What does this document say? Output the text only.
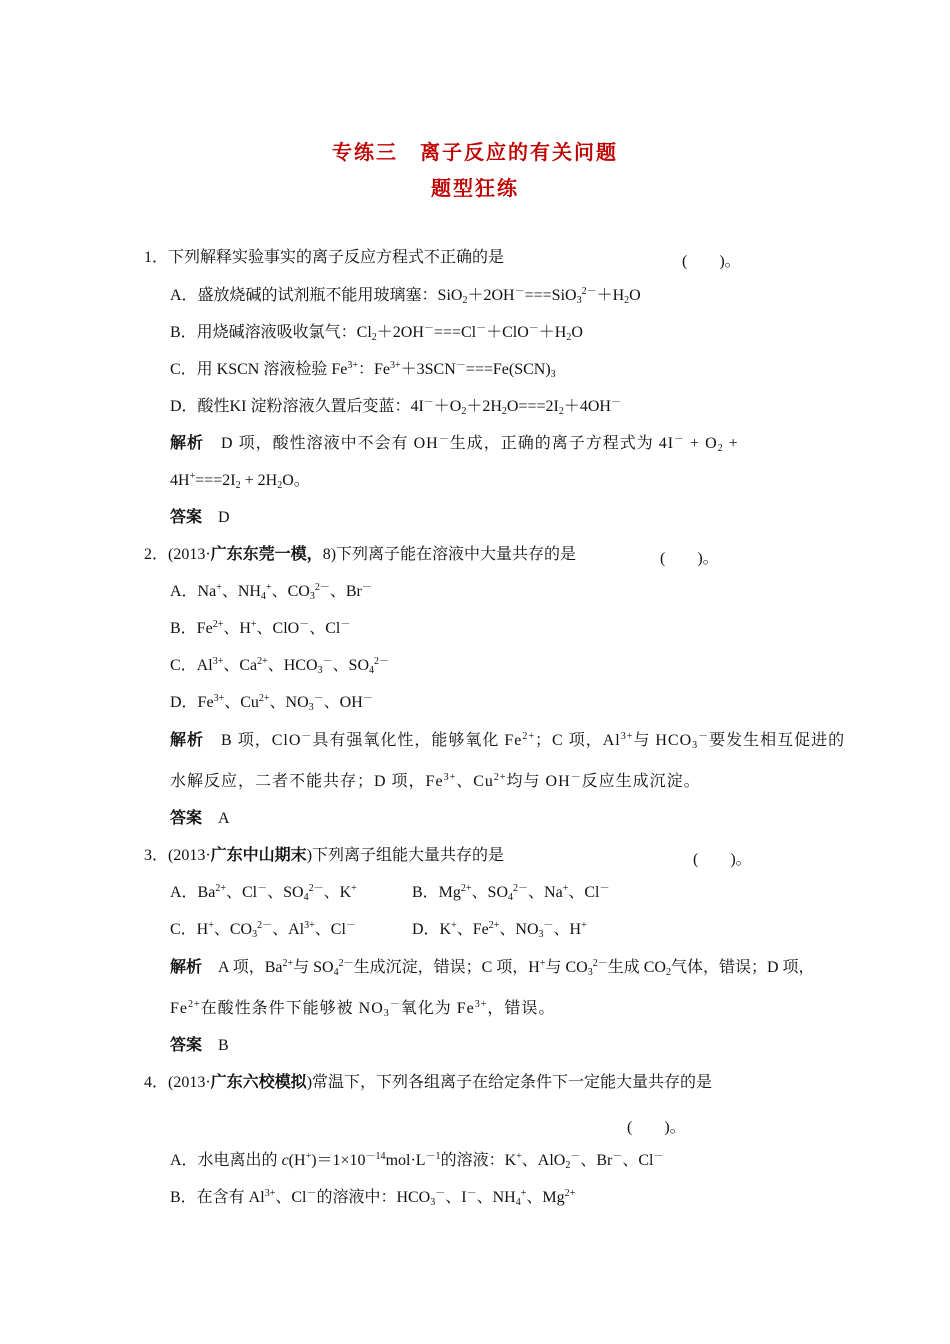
专练三　离子反应的有关问题
题型狂练
1．下列解释实验事实的离子反应方程式不正确的是	(　　)。
A．盛放烧碱的试剂瓶不能用玻璃塞：$SiO_2+2OH^-===SiO_3^{2-}+H_2O$
B．用烧碱溶液吸收氯气：$Cl_2+2OH^-===Cl^-+ClO^-+H_2O$
C．用 KSCN 溶液检验 $Fe^{3+}$：$Fe^{3+}+3SCN^-===Fe(SCN)_3$
D．酸性KI 淀粉溶液久置后变蓝：$4I^-+O_2+2H_2O===2I_2+4OH^-$
解析　 D 项，酸性溶液中不会有 OH－生成，正确的离子方程式为 $4I^- + O_2$ +
$4H^+===2I_2 + 2H_2O$。
答案　 D
2．(2013·广东东莞一模，8)下列离子能在溶液中大量共存的是	(　　)。
A．Na+、$NH_4^+$、$CO_3^{2-}$、Br－
B．$Fe^{2+}$、H+、ClO－、Cl－
C．$Al^{3+}$、$Ca^{2+}$、$HCO_3^-$、$SO_4^{2-}$
D．$Fe^{3+}$、$Cu^{2+}$、$NO_3^-$、OH－
解析　 B 项，ClO－具有强氧化性，能够氧化 $Fe^{2+}$；C 项，$Al^{3+}$与 $HCO_3^-$要发生相互促进的
水解反应，二者不能共存；D 项，$Fe^{3+}$、$Cu^{2+}$均与 OH－反应生成沉淀。
答案　 A
3．(2013·广东中山期末)下列离子组能大量共存的是	(　　)。
A．$Ba^{2+}$、Cl－、$SO_4^{2-}$、K+	B．$Mg^{2+}$、$SO_4^{2-}$、Na+、Cl－
C．H+、$CO_3^{2-}$、$Al^{3+}$、Cl－	D．K+、$Fe^{2+}$、$NO_3^-$、H+
解析　 A 项，$Ba^{2+}$与 $SO_4^{2-}$生成沉淀，错误；C 项，H+与 $CO_3^{2-}$生成 $CO_2$气体，错误；D 项，
$Fe^{2+}$在酸性条件下能够被 $NO_3^-$氧化为 $Fe^{3+}$，错误。
答案　 B
4．(2013·广东六校模拟)常温下，下列各组离子在给定条件下一定能大量共存的是
(　　)。
A．水电离出的 $c(H^+)=1\times 10^{-14}mol\cdot L^{-1}$的溶液：K+、AlO$_2$－、Br－、Cl－
B．在含有 $Al^{3+}$、Cl－的溶液中：$HCO_3^-$、I－、$NH_4^+$、$Mg^{2+}$
